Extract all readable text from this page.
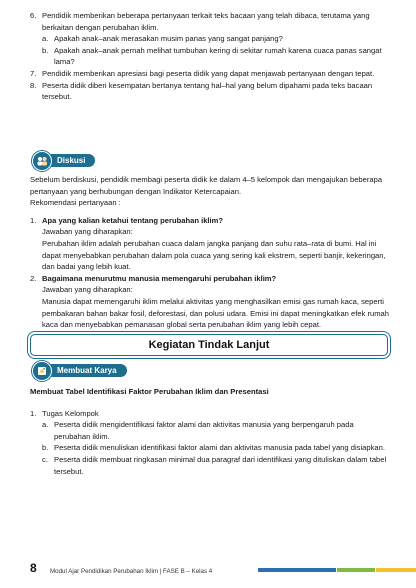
6. Pendidik memberikan beberapa pertanyaan terkait teks bacaan yang telah dibaca, terutama yang berkaitan dengan perubahan iklim.

a. Apakah anak–anak merasakan musim panas yang sangat panjang?

b. Apakah anak–anak pernah melihat tumbuhan kering di sekitar rumah karena cuaca panas sangat lama?

7. Pendidik memberikan apresiasi bagi peserta didik yang dapat menjawab pertanyaan dengan tepat.

8. Peserta didik diberi kesempatan bertanya tentang hal–hal yang belum dipahami pada teks bacaan tersebut.

Diskusi

Sebelum berdiskusi, pendidik membagi peserta didik ke dalam 4–5 kelompok dan mengajukan beberapa pertanyaan yang berhubungan dengan Indikator Ketercapaian.

Rekomendasi pertanyaan :

1. Apa yang kalian ketahui tentang perubahan iklim?

Jawaban yang diharapkan:

Perubahan iklim adalah perubahan cuaca dalam jangka panjang dan suhu rata–rata di bumi. Hal ini dapat menyebabkan perubahan dalam pola cuaca yang sering kali ekstrem, seperti banjir, kekeringan, dan badai yang lebih kuat.

2. Bagaimana menurutmu manusia memengaruhi perubahan iklim?

Jawaban yang diharapkan:

Manusia dapat memengaruhi iklim melalui aktivitas yang menghasilkan emisi gas rumah kaca, seperti pembakaran bahan bakar fosil, deforestasi, dan polusi udara. Emisi ini dapat meningkatkan efek rumah kaca dan menyebabkan pemanasan global serta perubahan iklim yang lebih cepat.

Kegiatan Tindak Lanjut
Membuat Karya

Membuat Tabel Identifikasi Faktor Perubahan Iklim dan Presentasi

1. Tugas Kelompok

a. Peserta didik mengidentifikasi faktor alami dan aktivitas manusia yang berpengaruh pada perubahan iklim.

b. Peserta didik menuliskan identifikasi faktor alami dan aktivitas manusia pada tabel yang disiapkan.

c. Peserta didik membuat ringkasan minimal dua paragraf dari identifikasi yang dituliskan dalam tabel tersebut.

8 Modul Ajar Pendidikan Perubahan Iklim | FASE B – Kelas 4
